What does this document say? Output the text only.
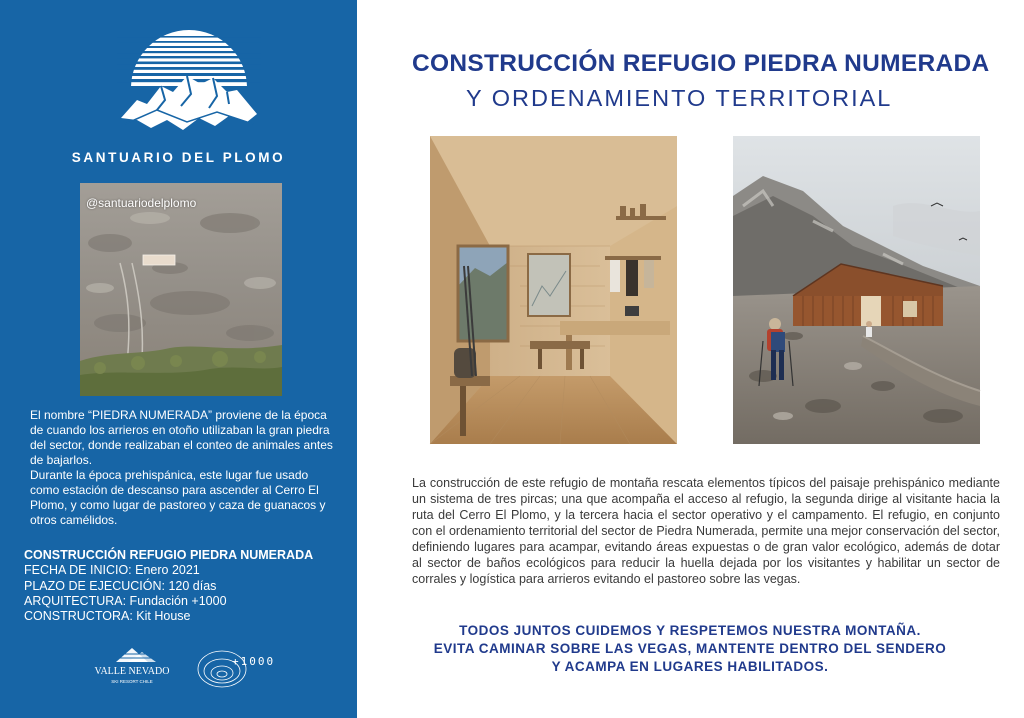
SANTUARIO DEL PLOMO
@santuariodelplomo

El nombre “PIEDRA NUMERADA” proviene de la época de cuando los arrieros en otoño utilizaban la gran piedra del sector, donde realizaban el conteo de animales antes de bajarlos.

Durante la época prehispánica, este lugar fue usado como estación de descanso para ascender al Cerro El Plomo, y como lugar de pastoreo y caza de guanacos y otros camélidos.

CONSTRUCCIÓN REFUGIO PIEDRA NUMERADA
FECHA DE INICIO: Enero 2021
PLAZO DE EJECUCIÓN: 120 días
ARQUITECTURA: Fundación +1000
CONSTRUCTORA: Kit House
VALLE NEVADO
SKI RESORT CHILE
+1000
CONSTRUCCIÓN REFUGIO PIEDRA NUMERADA
Y ORDENAMIENTO TERRITORIAL

La construcción de este refugio de montaña rescata elementos típicos del paisaje prehispánico mediante un sistema de tres pircas; una que acompaña el acceso al refugio, la segunda dirige al visitante hacia la ruta del Cerro El Plomo, y la tercera hacia el sector operativo y el campamento. El refugio, en conjunto con el ordenamiento territorial del sector de Piedra Numerada, permite una mejor conservación del sector, definiendo lugares para acampar, evitando áreas expuestas o de gran valor ecológico, además de dotar al sector de baños ecológicos para reducir la huella dejada por los visitantes y habilitar un sector de corrales y logística para arrieros evitando el pastoreo sobre las vegas.

TODOS JUNTOS CUIDEMOS Y RESPETEMOS NUESTRA MONTAÑA.
EVITA CAMINAR SOBRE LAS VEGAS, MANTENTE DENTRO DEL SENDERO
Y ACAMPA EN LUGARES HABILITADOS.
